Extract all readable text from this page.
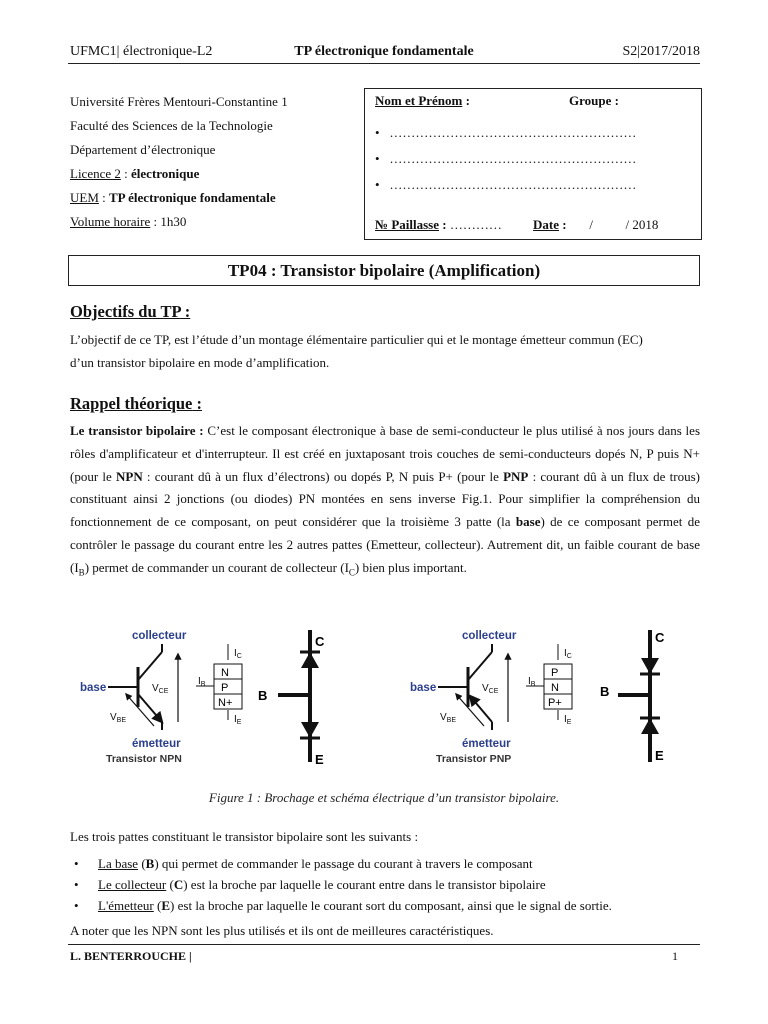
UFMC1| électronique-L2	TP électronique fondamentale	S2|2017/2018
Université Frères Mentouri-Constantine 1
Faculté des Sciences de la Technologie
Département d’électronique
Licence 2 : électronique
UEM : TP électronique fondamentale
Volume horaire : 1h30
Nom et Prénom :	Groupe :
• …………………………………………………
• …………………………………………………
• …………………………………………………
№ Paillasse : ………… Date : /          / 2018
TP04 : Transistor bipolaire (Amplification)
Objectifs du TP :
L’objectif de ce TP, est l’étude d’un montage élémentaire particulier qui et le montage émetteur commun (EC)
d’un transistor bipolaire en mode d’amplification.
Rappel théorique :
Le transistor bipolaire : C’est le composant électronique à base de semi-conducteur le plus utilisé à nos jours dans les rôles d'amplificateur et d'interrupteur. Il est créé en juxtaposant trois couches de semi-conducteurs dopés N, P puis N+ (pour le NPN : courant dû à un flux d’électrons) ou dopés P, N puis P+ (pour le PNP : courant dû à un flux de trous) constituant ainsi 2 jonctions (ou diodes) PN montées en sens inverse Fig.1. Pour simplifier la compréhension du fonctionnement de ce composant, on peut considérer que la troisième 3 patte (la base) de ce composant permet de contrôler le passage du courant entre les 2 autres pattes (Emetteur, collecteur). Autrement dit, un faible courant de base $(I_B)$ permet de commander un courant de collecteur $(I_C)$ bien plus important.
collecteur
base
émetteur
$V_{CE}$
$V_{BE}$
Transistor NPN
$I_C$
N
P
N+
$I_B$
$I_E$
C
B
E
collecteur
base
émetteur
$V_{CE}$
$V_{BE}$
Transistor PNP
$I_C$
P
N
P+
$I_B$
$I_E$
C
B
E
Figure 1 : Brochage et schéma électrique d’un transistor bipolaire.
Les trois pattes constituant le transistor bipolaire sont les suivants :
• La base (B) qui permet de commander le passage du courant à travers le composant
• Le collecteur (C) est la broche par laquelle le courant entre dans le transistor bipolaire
• L'émetteur (E) est la broche par laquelle le courant sort du composant, ainsi que le signal de sortie.
A noter que les NPN sont les plus utilisés et ils ont de meilleures caractéristiques.
L. BENTERROUCHE |	1
